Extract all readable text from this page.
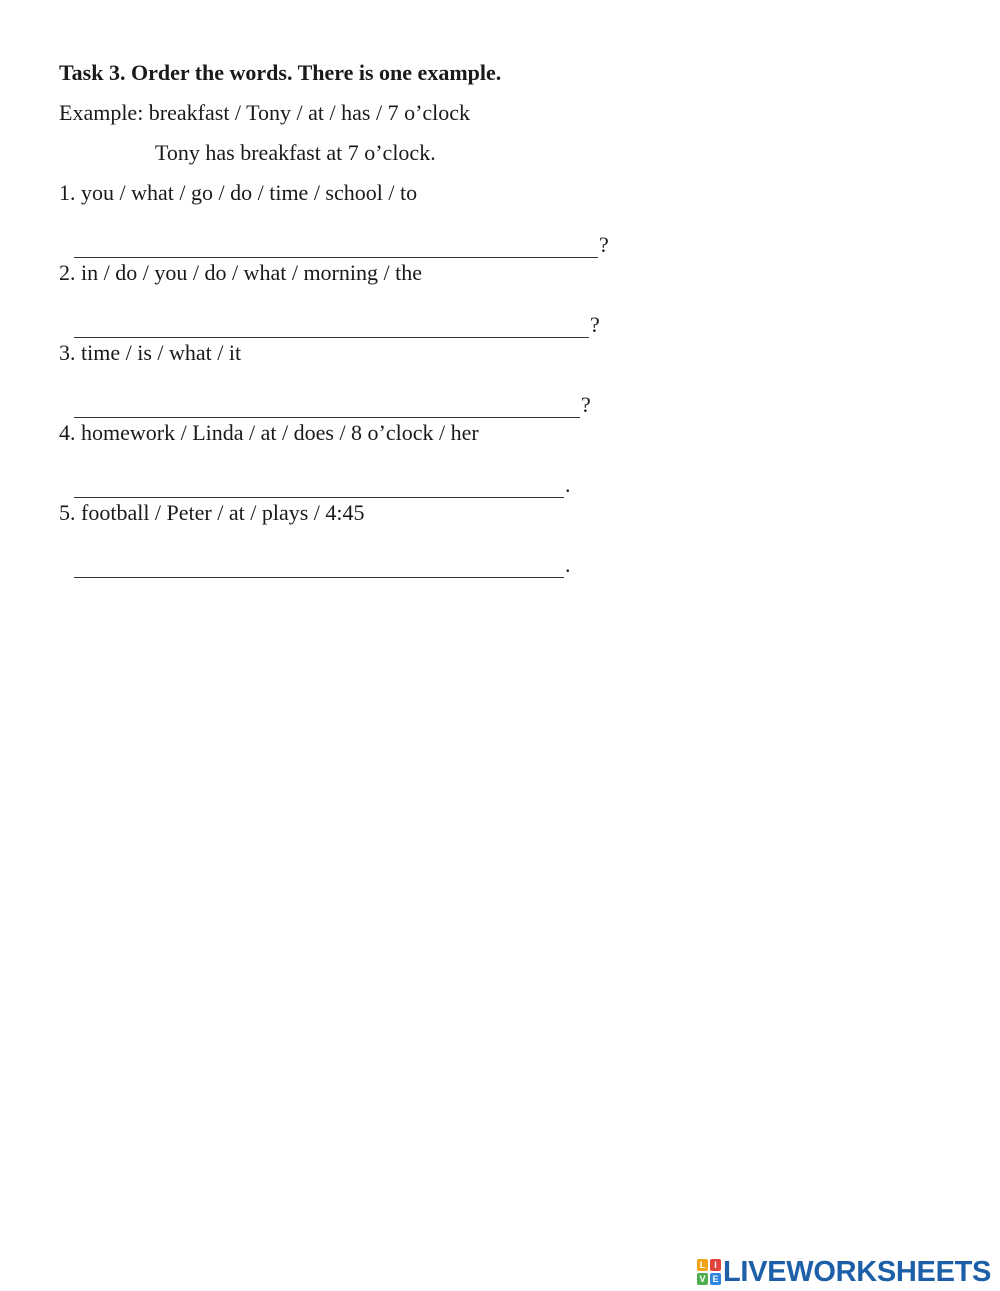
Task 3. Order the words. There is one example.
Example: breakfast / Tony / at / has / 7 o’clock
Tony has breakfast at 7 o’clock.
1. you / what / go / do / time / school / to
?
2. in / do / you / do / what / morning / the
?
3. time / is / what / it
?
4. homework / Linda / at / does / 8 o’clock / her
.
5. football / Peter / at / plays / 4:45
.
L I
V E LIVEWORKSHEETS
